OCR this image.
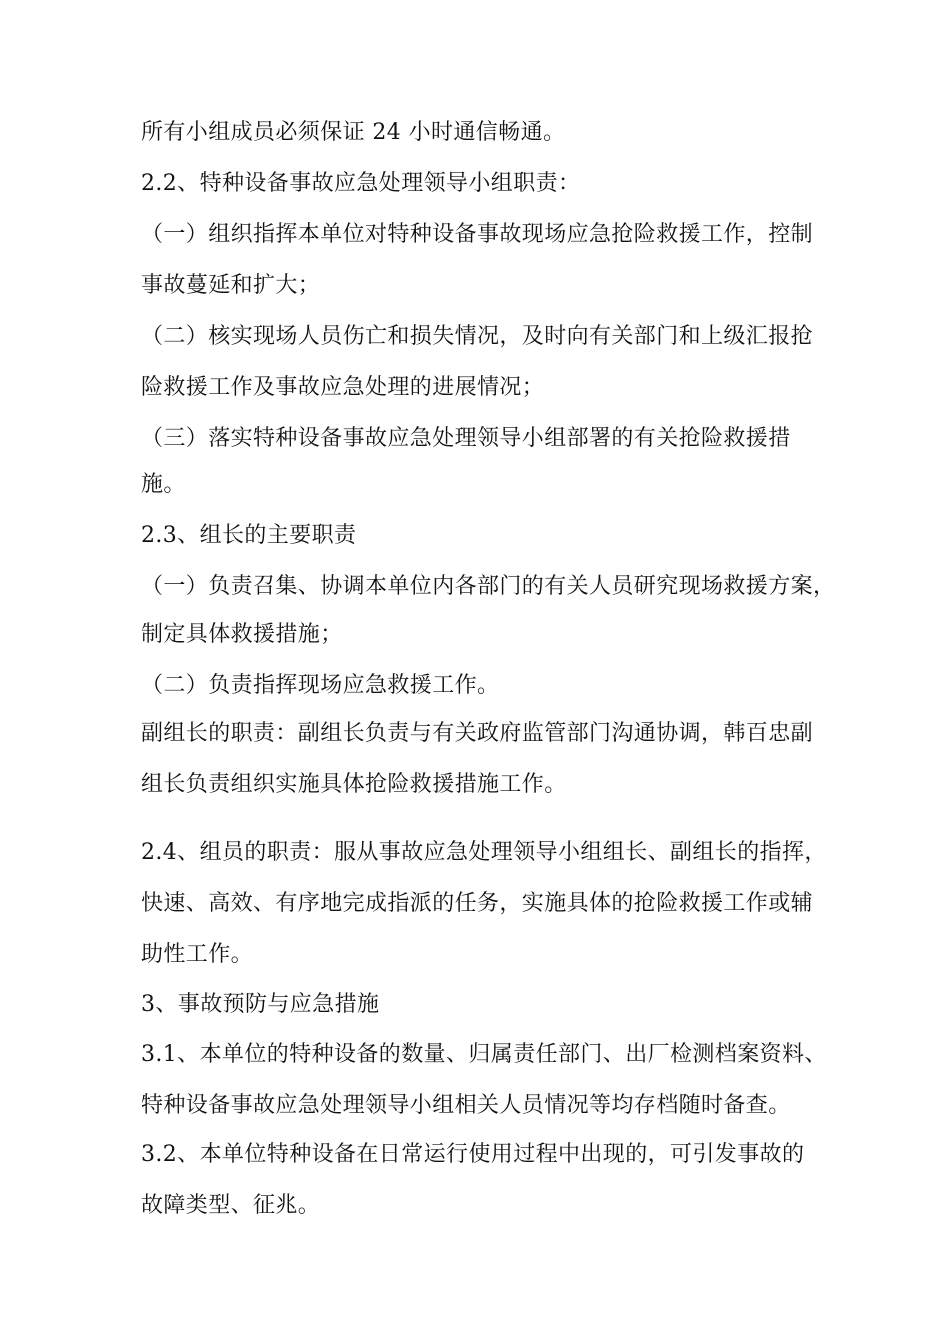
所有小组成员必须保证 24 小时通信畅通。
2.2、特种设备事故应急处理领导小组职责：
（一）组织指挥本单位对特种设备事故现场应急抢险救援工作，控制
事故蔓延和扩大；
（二）核实现场人员伤亡和损失情况，及时向有关部门和上级汇报抢
险救援工作及事故应急处理的进展情况；
（三）落实特种设备事故应急处理领导小组部署的有关抢险救援措
施。
2.3、组长的主要职责
（一）负责召集、协调本单位内各部门的有关人员研究现场救援方案，
制定具体救援措施；
（二）负责指挥现场应急救援工作。
副组长的职责：副组长负责与有关政府监管部门沟通协调，韩百忠副
组长负责组织实施具体抢险救援措施工作。
2.4、组员的职责：服从事故应急处理领导小组组长、副组长的指挥，
快速、高效、有序地完成指派的任务，实施具体的抢险救援工作或辅
助性工作。
3、事故预防与应急措施
3.1、本单位的特种设备的数量、归属责任部门、出厂检测档案资料、
特种设备事故应急处理领导小组相关人员情况等均存档随时备查。
3.2、本单位特种设备在日常运行使用过程中出现的，可引发事故的
故障类型、征兆。
